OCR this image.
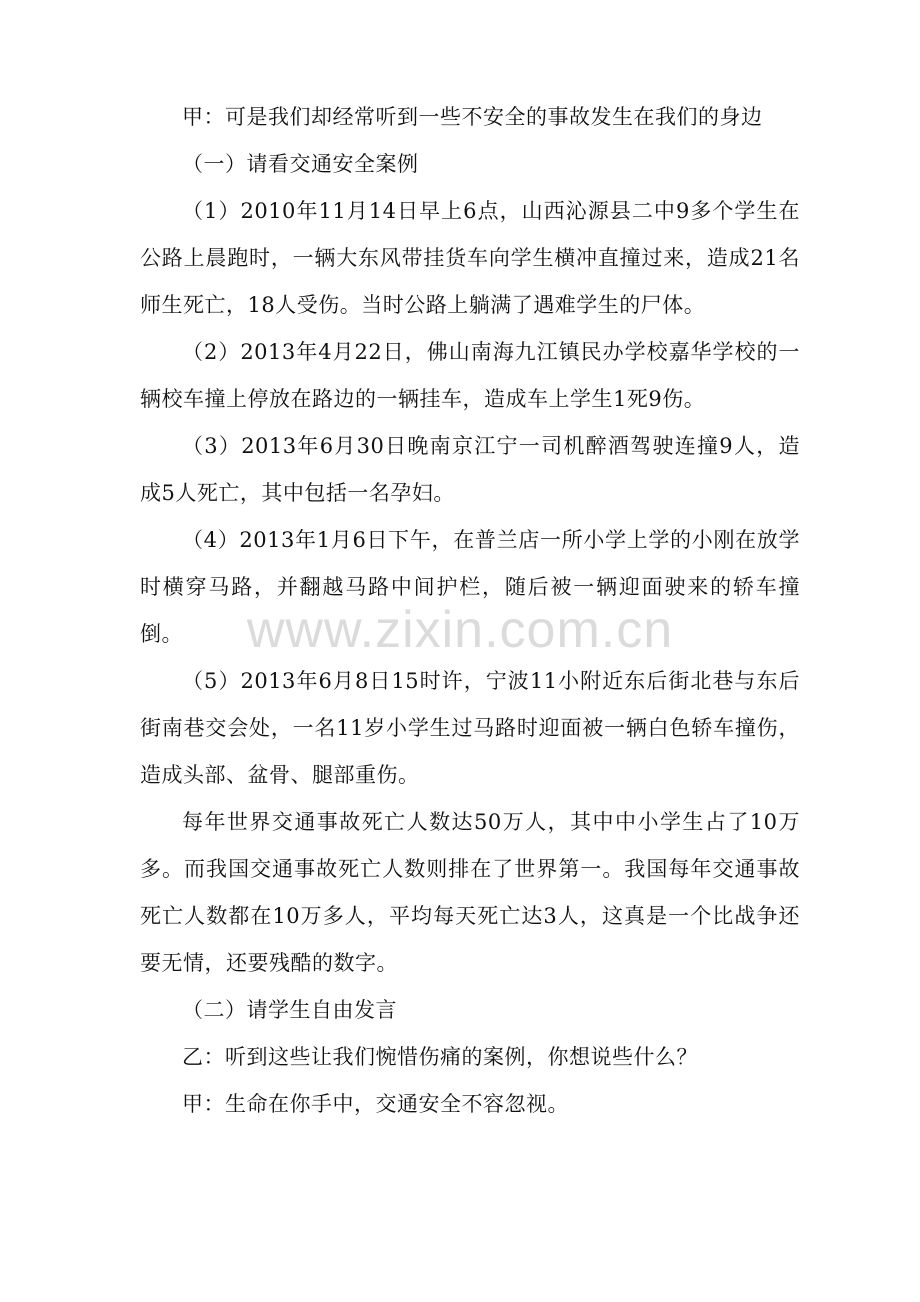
甲：可是我们却经常听到一些不安全的事故发生在我们的身边

（一）请看交通安全案例

（1）2010年11月14日早上6点，山西沁源县二中9多个学生在公路上晨跑时，一辆大东风带挂货车向学生横冲直撞过来，造成21名师生死亡，18人受伤。当时公路上躺满了遇难学生的尸体。

（2）2013年4月22日，佛山南海九江镇民办学校嘉华学校的一辆校车撞上停放在路边的一辆挂车，造成车上学生1死9伤。

（3）2013年6月30日晚南京江宁一司机醉酒驾驶连撞9人，造成5人死亡，其中包括一名孕妇。

（4）2013年1月6日下午，在普兰店一所小学上学的小刚在放学时横穿马路，并翻越马路中间护栏，随后被一辆迎面驶来的轿车撞倒。

（5）2013年6月8日15时许，宁波11小附近东后街北巷与东后街南巷交会处，一名11岁小学生过马路时迎面被一辆白色轿车撞伤，造成头部、盆骨、腿部重伤。

每年世界交通事故死亡人数达50万人，其中中小学生占了10万多。而我国交通事故死亡人数则排在了世界第一。我国每年交通事故死亡人数都在10万多人，平均每天死亡达3人，这真是一个比战争还要无情，还要残酷的数字。

（二）请学生自由发言

乙：听到这些让我们惋惜伤痛的案例，你想说些什么？

甲：生命在你手中，交通安全不容忽视。

www.zixin.com.cn
